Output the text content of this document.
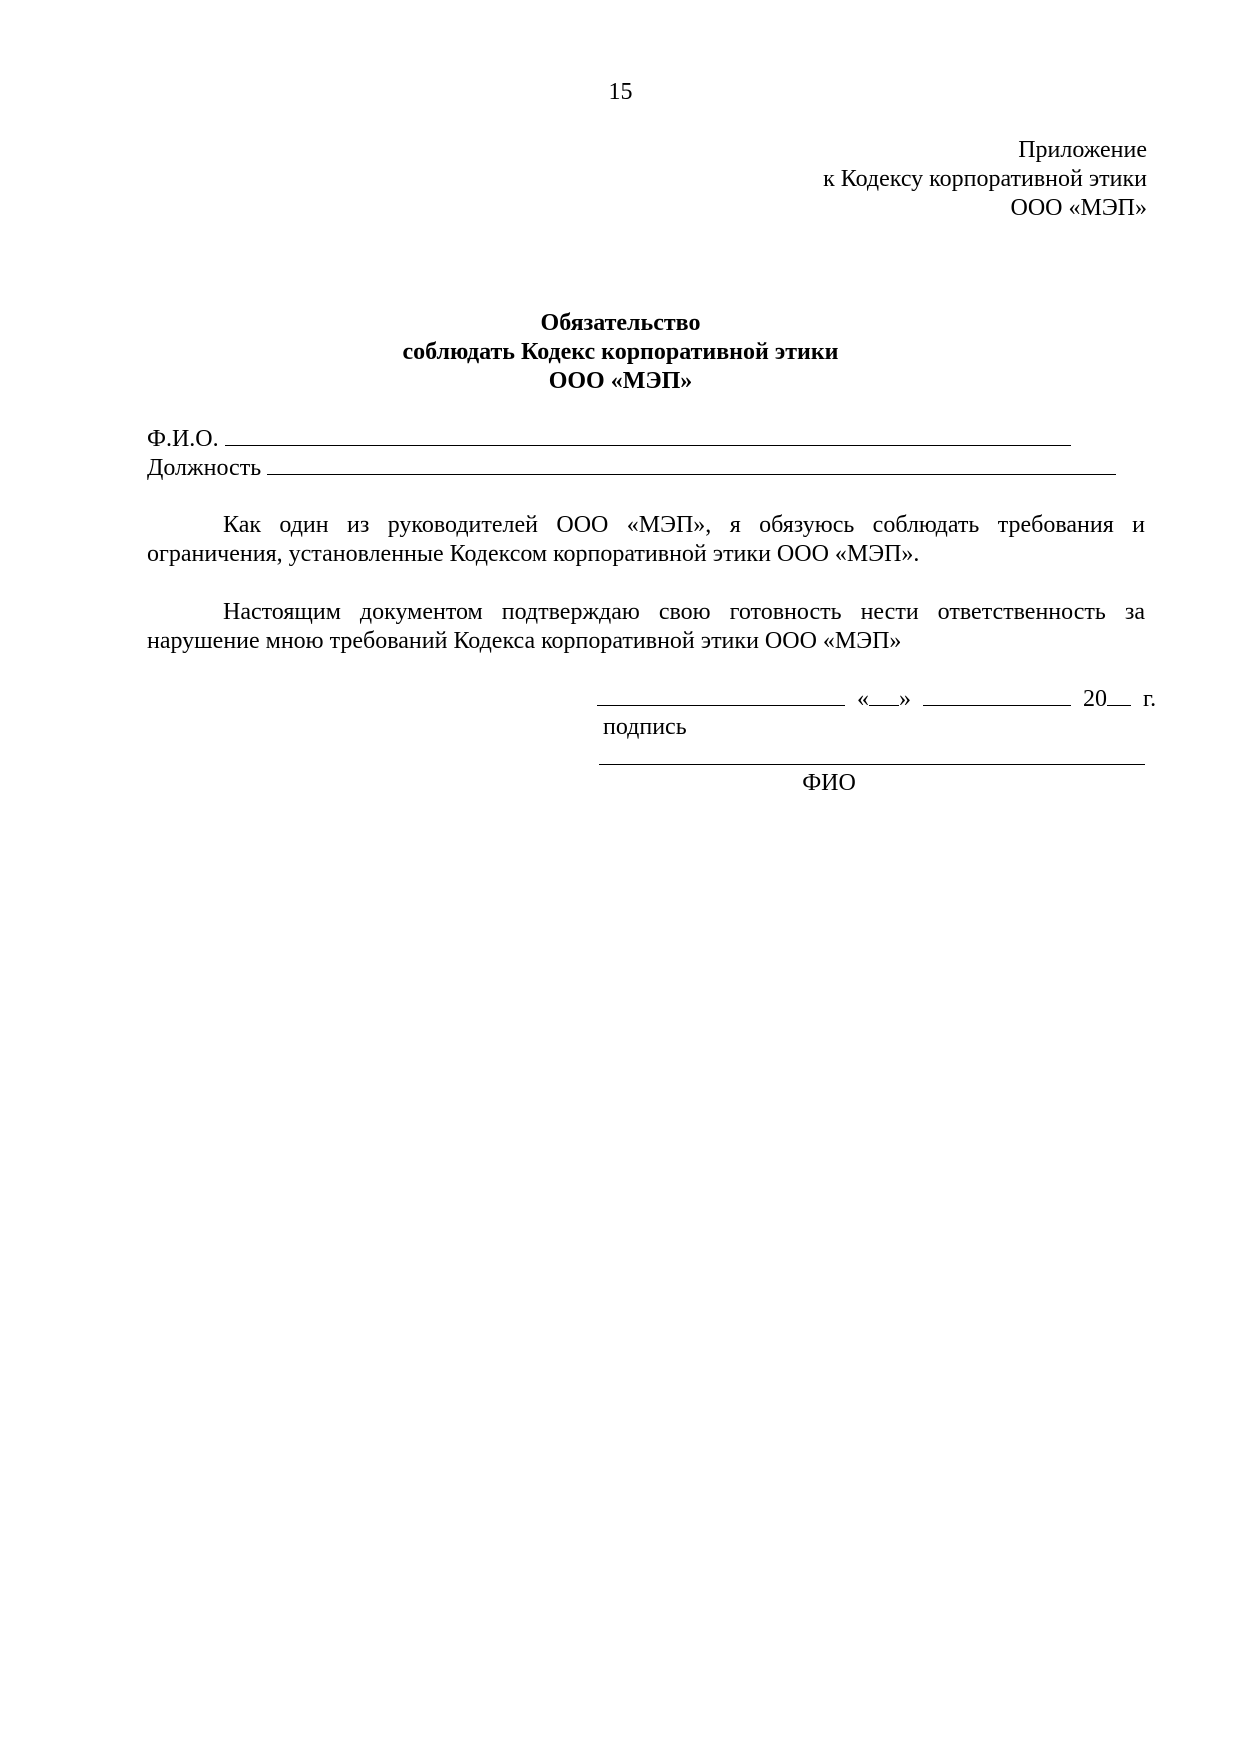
15
Приложение
к Кодексу корпоративной этики
ООО «МЭП»
Обязательство
соблюдать Кодекс корпоративной этики
ООО «МЭП»
Ф.И.О.
Должность
Как один из руководителей ООО «МЭП», я обязуюсь соблюдать требования и ограничения, установленные Кодексом корпоративной этики ООО «МЭП».
Настоящим документом подтверждаю свою готовность нести ответственность за нарушение мною требований Кодекса корпоративной этики ООО «МЭП»
« »	20 г.
подпись
ФИО
